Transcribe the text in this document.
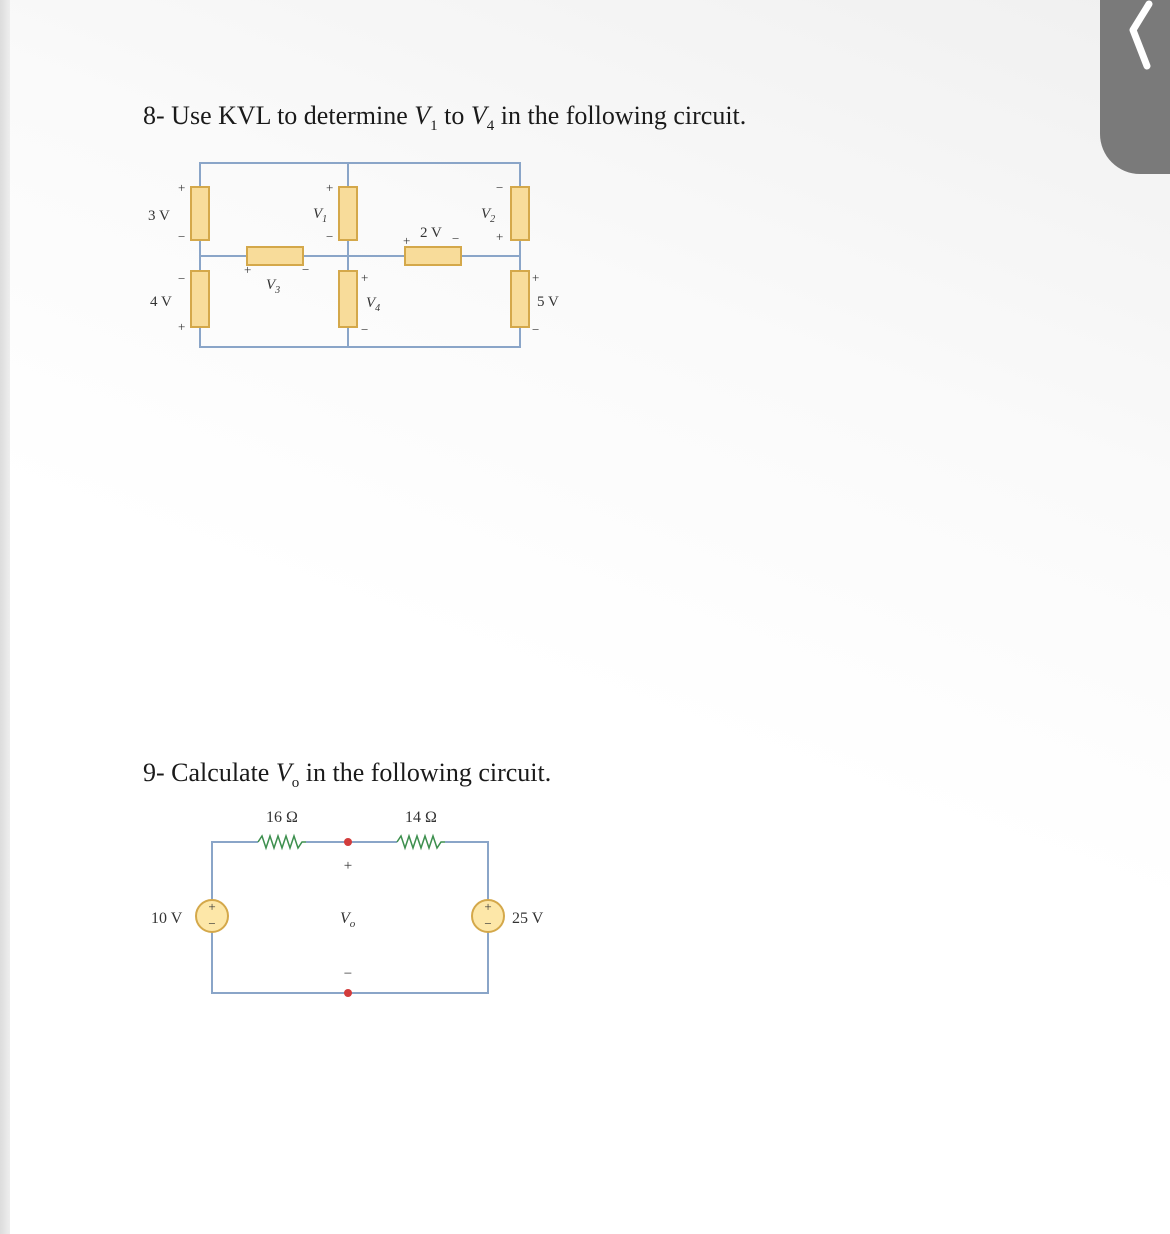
8- Use KVL to determine $V_1$ to $V_4$ in the following circuit.
9- Calculate $V_o$ in the following circuit.
3 V
4 V	5 V
2 V
$V_1$	$V_2$
$V_3$
$V_4$
+
−
−
+
+
−
−
+
+	−
+	−
+
−
+
−
+
−
+
−
16 Ω	14 Ω
10 V	25 V
$V_o$
+
−
